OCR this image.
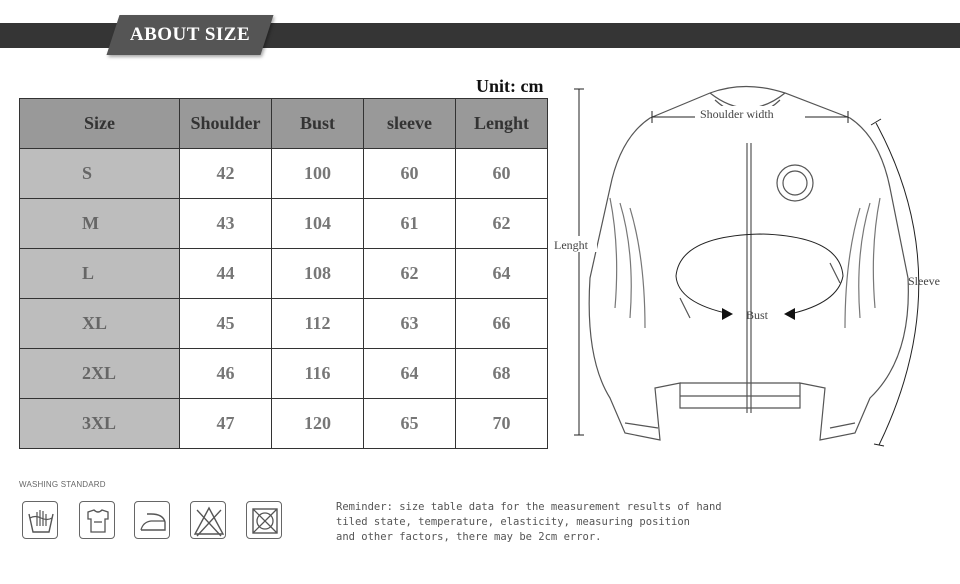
ABOUT SIZE
Unit: cm
Size	Shoulder	Bust	sleeve	Lenght
S	42	100	60	60
M	43	104	61	62
L	44	108	62	64
XL	45	112	63	66
2XL	46	116	64	68
3XL	47	120	65	70
Shoulder width
Lenght
Bust
Sleeve
WASHING STANDARD
Reminder: size table data for the measurement results of hand
tiled state, temperature, elasticity, measuring position
and other factors, there may be 2cm error.
